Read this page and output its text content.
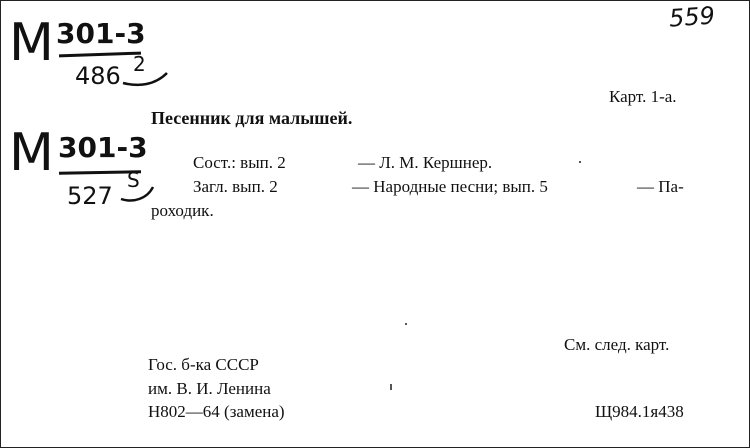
559
M 301-3
486 2
M 301-3
527
S
Карт. 1-а.
Песенник для малышей.
Сост.: вып. 2	— Л. М. Кершнер.
Загл. вып. 2	— Народные песни; вып. 5	— Па-
роходик.
См. след. карт.
Гос. б-ка СССР
им. В. И. Ленина
Н802—64 (замена)	Щ984.1я438
